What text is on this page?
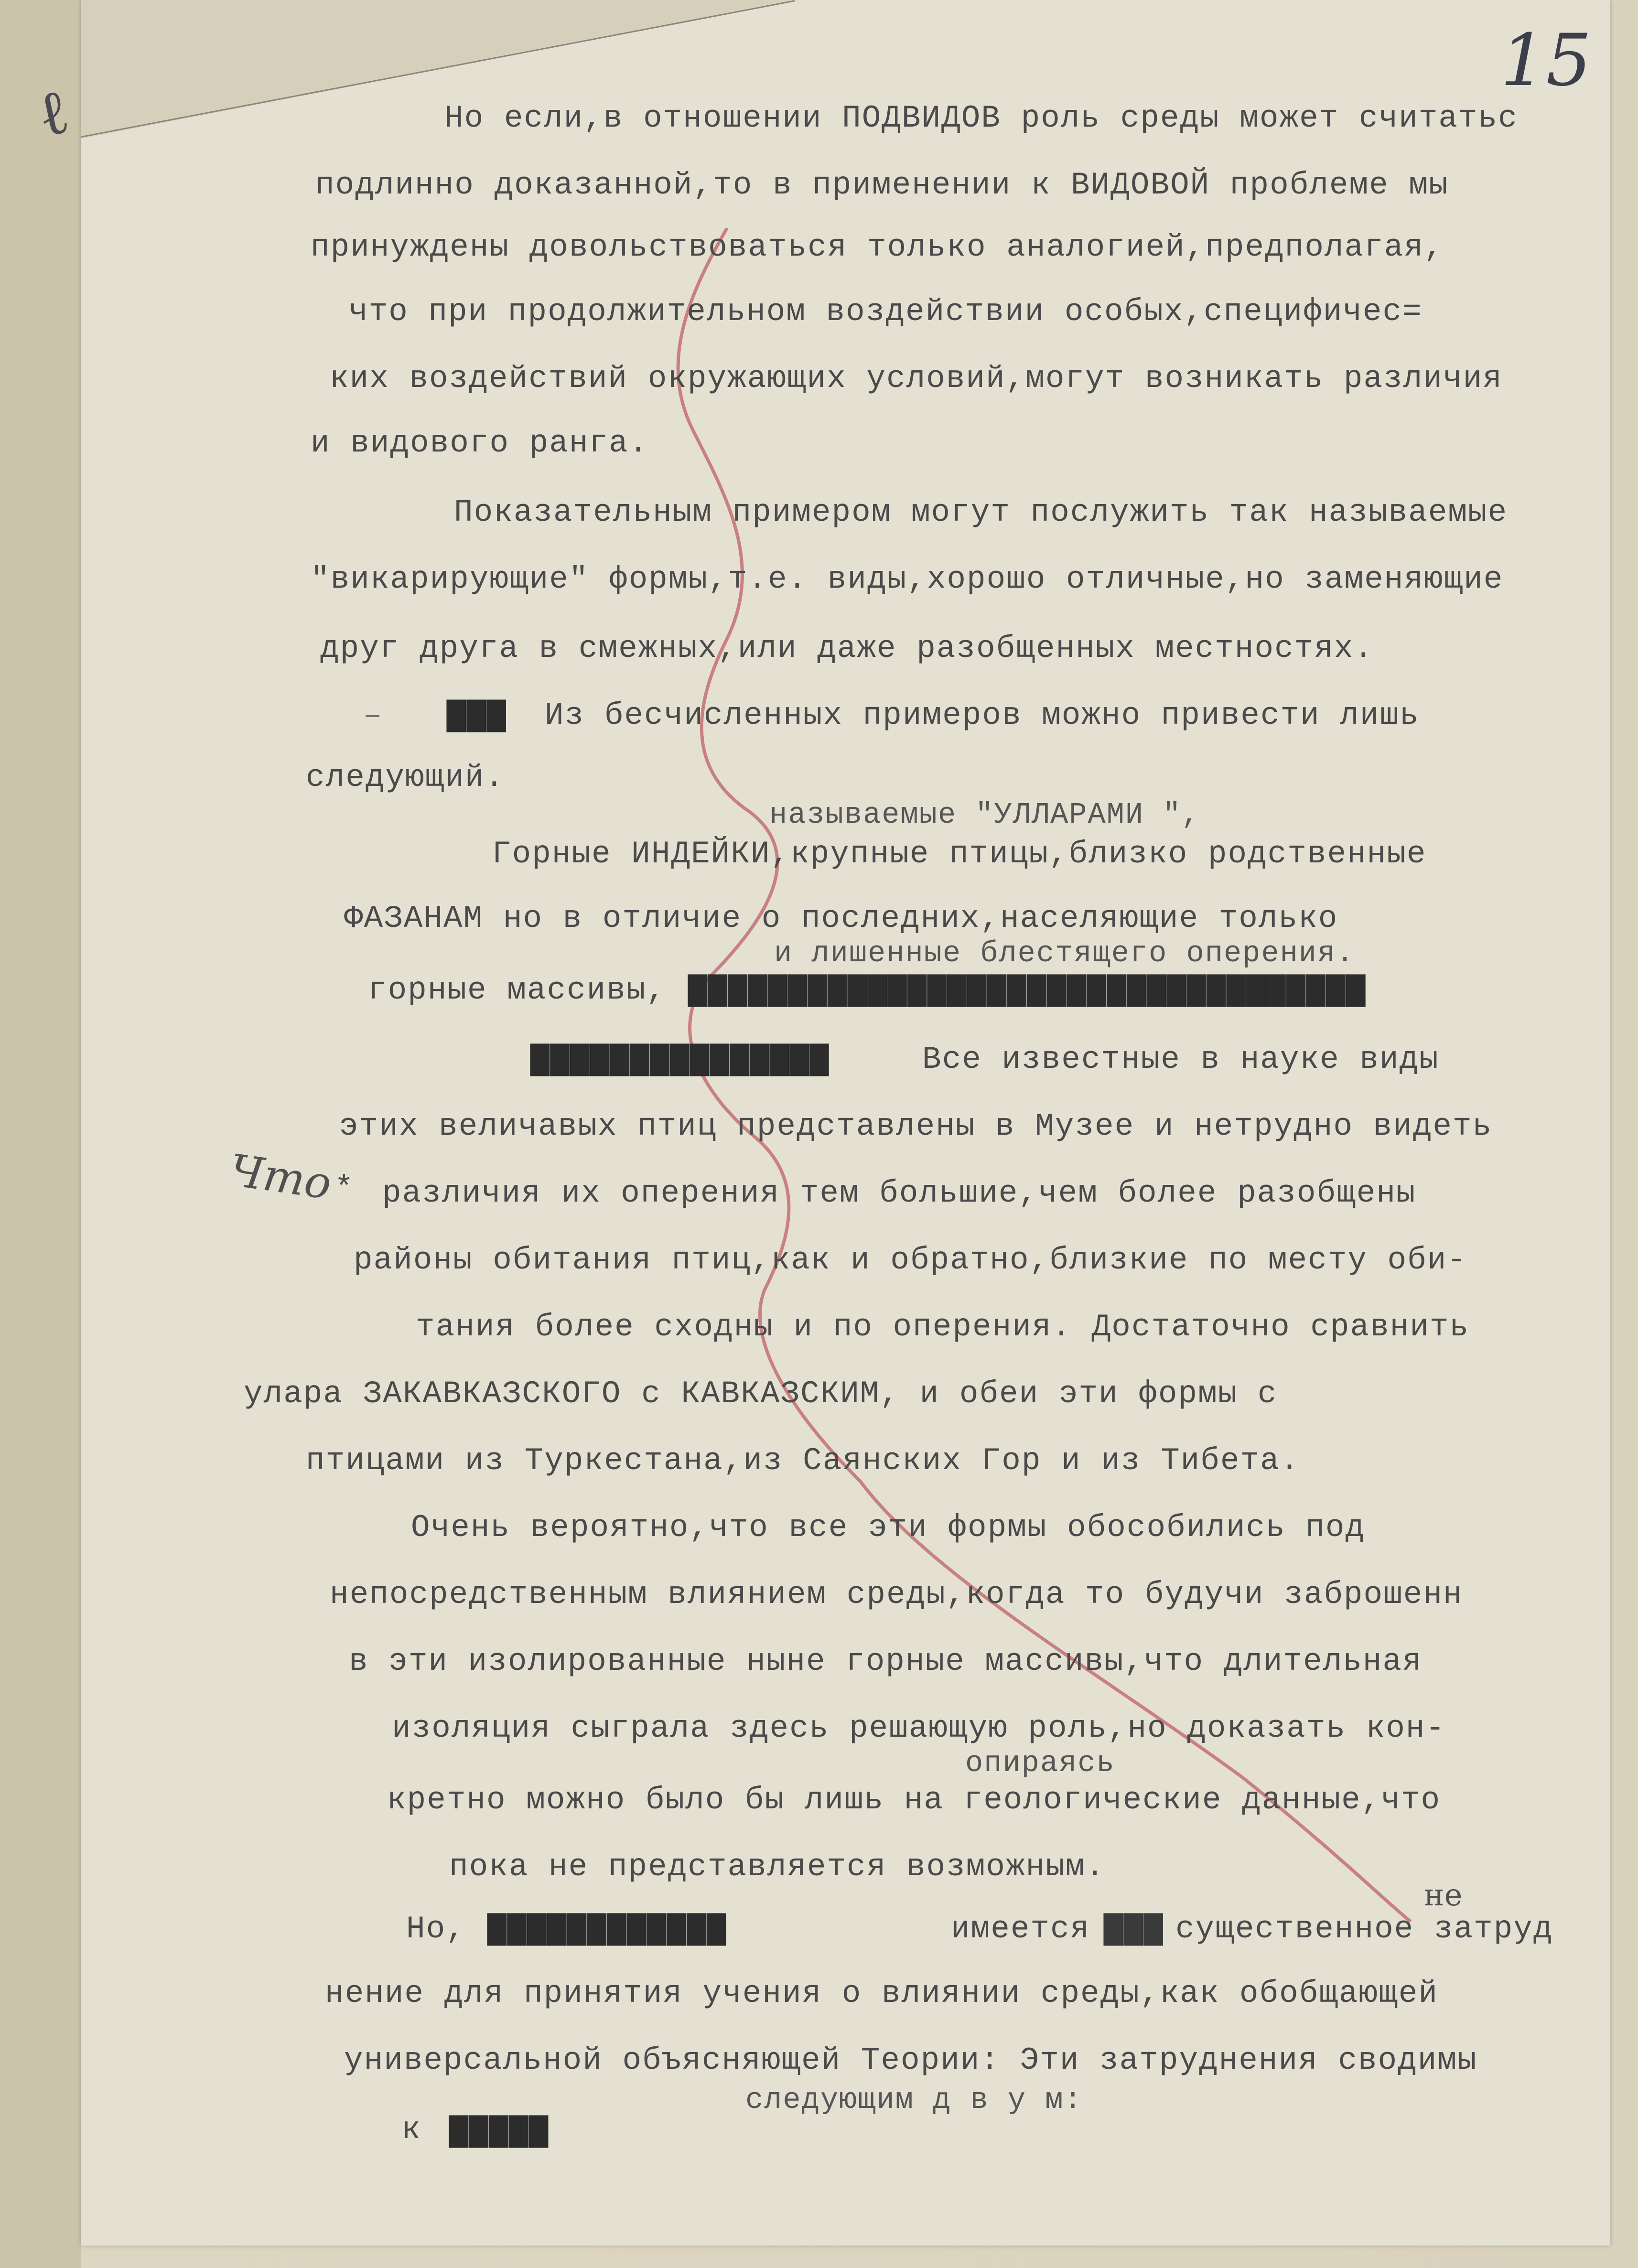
ℓ
15
Но если,в отношении ПОДВИДОВ роль среды может считатьс
подлинно доказанной,то в применении к ВИДОВОЙ проблеме мы
принуждены довольствоваться только аналогией,предполагая,
что при продолжительном воздействии особых,специфичес=
ких воздействий окружающих условий,могут возникать различия
и видового ранга.
Показательным примером могут послужить так называемые
"викарирующие" формы,т.е. виды,хорошо отличные,но заменяющие
друг друга в смежных,или даже разобщенных местностях.
– ▇▇▇ Из бесчисленных примеров можно привести лишь
следующий.
называемые "УЛЛАРАМИ ",
Горные ИНДЕЙКИ,крупные птицы,близко родственные
ФАЗАНАМ но в отличие о последних,населяющие только
и лишенные блестящего оперения.
горные массивы, ▇▇▇▇▇▇▇▇▇▇▇▇▇▇▇▇▇▇▇▇▇▇▇▇▇▇▇▇▇▇▇▇▇▇
▇▇▇▇▇▇▇▇▇▇▇▇▇▇▇	Все известные в науке виды
этих величавых птиц представлены в Музее и нетрудно видеть
Что * различия их оперения тем большие,чем более разобщены
районы обитания птиц,как и обратно,близкие по месту оби-
тания более сходны и по оперения. Достаточно сравнить
улара ЗАКАВКАЗСКОГО с КАВКАЗСКИМ, и обеи эти формы с
птицами из Туркестана,из Саянских Гор и из Тибета.
Очень вероятно,что все эти формы обособились под
непосредственным влиянием среды,когда то будучи заброшенн
в эти изолированные ныне горные массивы,что длительная
изоляция сыграла здесь решающую роль,но доказать кон-
опираясь
кретно можно было бы лишь на геологические данные,что
пока не представляется возможным.
Но, ▇▇▇▇▇▇▇▇▇▇▇▇	имеется ▇▇▇
не
существенное затруд
нение для принятия учения о влиянии среды,как обобщающей
универсальной объясняющей Теории: Эти затруднения сводимы
следующим д в у м:
к ▇▇▇▇▇
